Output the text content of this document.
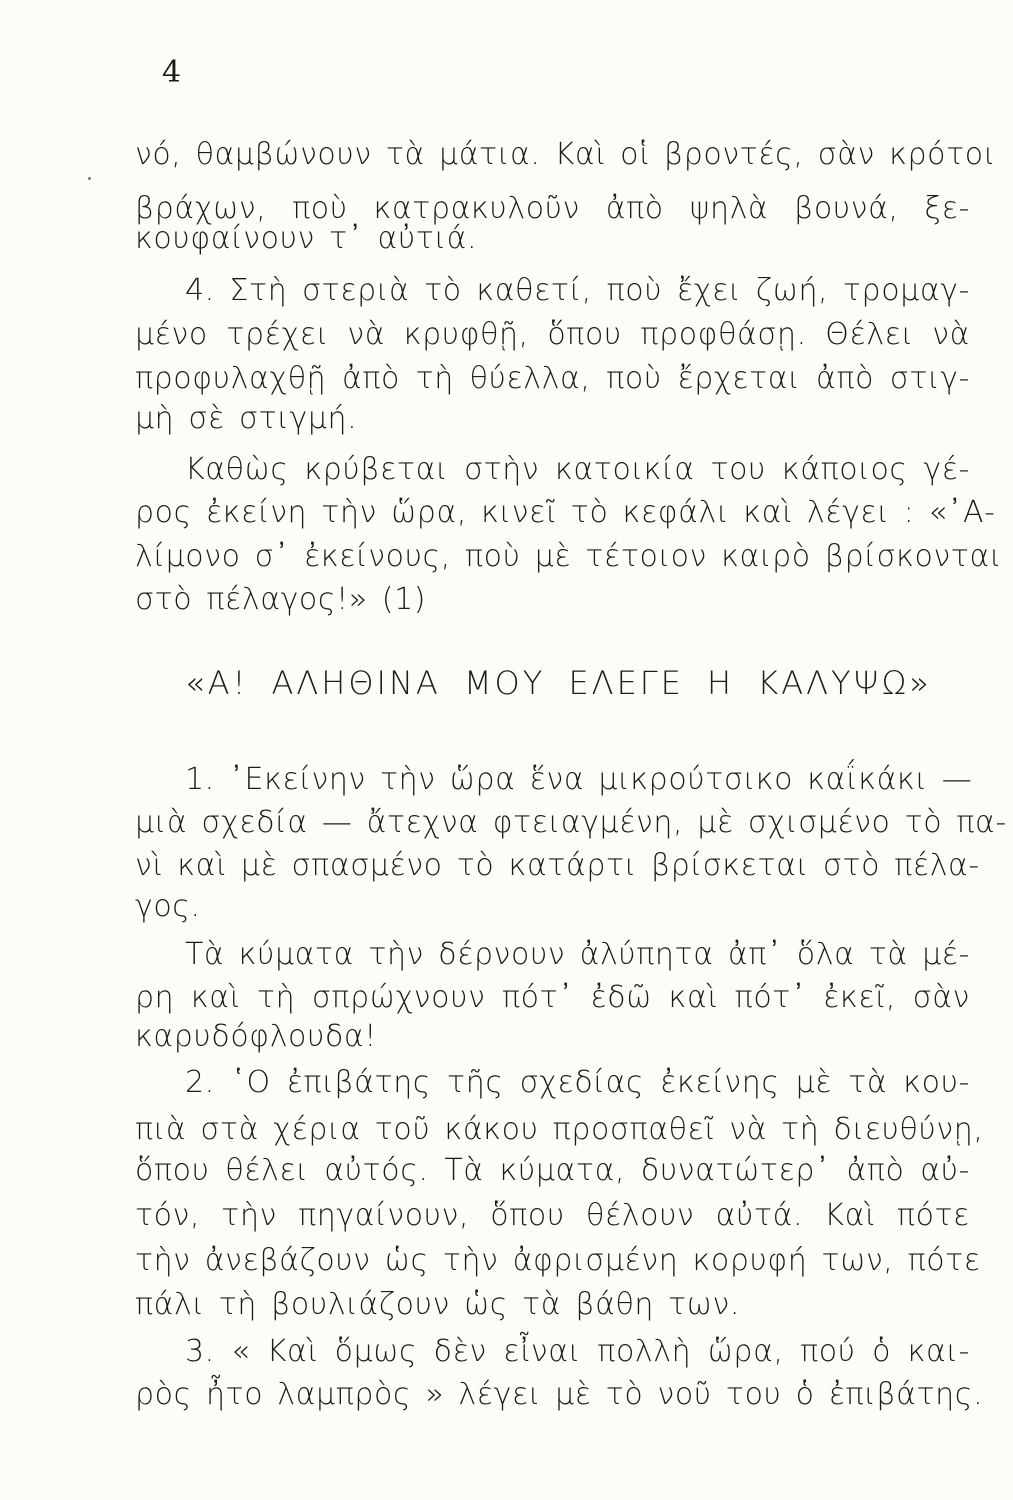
4
νό, θαμβώνουν τὰ μάτια. Καὶ οἱ βροντές, σὰν κρότοι
βράχων, ποὺ κατρακυλοῦν ἀπὸ ψηλὰ βουνά, ξε-
κουφαίνουν τ᾿ αὐτιά.
4. Στὴ στεριὰ τὸ καθετί, ποὺ ἔχει ζωή, τρομαγ-
μένο τρέχει νὰ κρυφθῇ, ὅπου προφθάσῃ. Θέλει νὰ
προφυλαχθῇ ἀπὸ τὴ θύελλα, ποὺ ἔρχεται ἀπὸ στιγ-
μὴ σὲ στιγμή.
Καθὼς κρύβεται στὴν κατοικία του κάποιος γέ-
ρος ἐκείνη τὴν ὥρα, κινεῖ τὸ κεφάλι καὶ λέγει : «᾿Α-
λίμονο σ᾿ ἐκείνους, ποὺ μὲ τέτοιον καιρὸ βρίσκονται
στὸ πέλαγος!» (1)
«Α! ΑΛΗΘΙΝΑ ΜΟΥ ΕΛΕΓΕ Η ΚΑΛΥΨΩ»
1. ᾿Εκείνην τὴν ὥρα ἕνα μικρούτσικο καΐκάκι —
μιὰ σχεδία — ἄτεχνα φτειαγμένη, μὲ σχισμένο τὸ πα-
νὶ καὶ μὲ σπασμένο τὸ κατάρτι βρίσκεται στὸ πέλα-
γος.
Τὰ κύματα τὴν δέρνουν ἀλύπητα ἀπ᾿ ὅλα τὰ μέ-
ρη καὶ τὴ σπρώχνουν πότ᾿ ἐδῶ καὶ πότ᾿ ἐκεῖ, σὰν
καρυδόφλουδα!
2. ῾Ο ἐπιβάτης τῆς σχεδίας ἐκείνης μὲ τὰ κου-
πιὰ στὰ χέρια τοῦ κάκου προσπαθεῖ νὰ τὴ διευθύνῃ,
ὅπου θέλει αὐτός. Τὰ κύματα, δυνατώτερ᾿ ἀπὸ αὐ-
τόν, τὴν πηγαίνουν, ὅπου θέλουν αὐτά. Καὶ πότε
τὴν ἀνεβάζουν ὡς τὴν ἀφρισμένη κορυφή των, πότε
πάλι τὴ βουλιάζουν ὡς τὰ βάθη των.
3. « Καὶ ὅμως δὲν εἶναι πολλὴ ὥρα, πού ὁ και-
ρὸς ἦτο λαμπρὸς » λέγει μὲ τὸ νοῦ του ὁ ἐπιβάτης.
